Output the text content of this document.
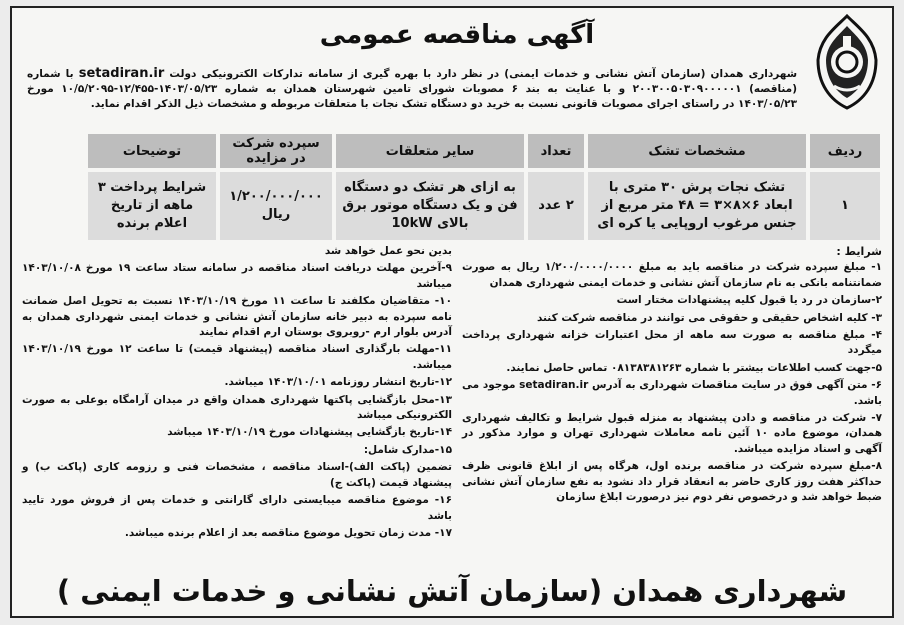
آگهی مناقصه عمومی
شهرداری همدان (سازمان آتش نشانی و خدمات ایمنی) در نظر دارد با بهره گیری از سامانه تدارکات الکترونیکی دولت setadiran.ir با شماره (مناقصه) ۲۰۰۳۰۰۵۰۳۰۹۰۰۰۰۰۱ و با عنایت به بند ۶ مصوبات شورای تامین شهرستان همدان به شماره ۱۴۰۳/۰۵/۲۳-۱۲/۴۵۵-۱۰/۵/۲۰۹۵ مورخ ۱۴۰۳/۰۵/۲۳ در راستای اجرای مصوبات قانونی نسبت به خرید دو دستگاه تشک نجات با متعلقات مربوطه و مشخصات ذیل الذکر اقدام نماید.
ردیف	مشخصات تشک	تعداد	سایر متعلقات	سپرده شرکت در مزایده	توضیحات
۱	تشک نجات پرش ۳۰ متری با ابعاد ۶×۸×۳ = ۴۸ متر مربع از جنس مرغوب اروپایی یا کره ای	۲ عدد	به ازای هر تشک دو دستگاه فن و یک دستگاه موتور برق بالای 10kW	۱/۲۰۰/۰۰۰/۰۰۰ ریال	شرایط پرداخت ۳ ماهه از تاریخ اعلام برنده
شرایط :
۱- مبلغ سپرده شرکت در مناقصه باید به مبلغ ۱/۲۰۰/۰۰۰۰/۰۰۰۰ ریال به صورت ضمانتنامه بانکی به نام سازمان آتش نشانی و خدمات ایمنی شهرداری همدان
۲-سازمان در رد یا قبول کلیه پیشنهادات مختار است
۳- کلیه اشخاص حقیقی و حقوقی می توانند در مناقصه شرکت کنند
۴- مبلغ مناقصه به صورت سه ماهه از محل اعتبارات خزانه شهرداری پرداخت میگردد
۵-جهت کسب اطلاعات بیشتر با شماره ۰۸۱۳۸۳۸۱۲۶۳ تماس حاصل نمایند.
۶- متن آگهی فوق در سایت مناقصات شهرداری به آدرس setadiran.ir موجود می باشد.
۷- شرکت در مناقصه و دادن پیشنهاد به منزله قبول شرایط و تکالیف شهرداری همدان، موضوع ماده ۱۰ آئین نامه معاملات شهرداری تهران و موارد مذکور در آگهی و اسناد مزایده میباشد.
۸-مبلغ سپرده شرکت در مناقصه برنده اول، هرگاه پس از ابلاغ قانونی ظرف حداکثر هفت روز کاری حاضر به انعقاد قرار داد نشود به نفع سازمان آتش نشانی ضبط خواهد شد و درخصوص نفر دوم نیز درصورت ابلاغ سازمان
بدین نحو عمل خواهد شد
۹-آخرین مهلت دریافت اسناد مناقصه در سامانه ستاد ساعت ۱۹ مورخ ۱۴۰۳/۱۰/۰۸ میباشد
۱۰- متقاضیان مکلفند تا ساعت ۱۱ مورخ ۱۴۰۳/۱۰/۱۹ نسبت به تحویل اصل ضمانت نامه سپرده به دبیر خانه سازمان آتش نشانی و خدمات ایمنی شهرداری همدان به آدرس بلوار ارم -روبروی بوستان ارم اقدام نمایند
۱۱-مهلت بارگذاری اسناد مناقصه (پیشنهاد قیمت) تا ساعت ۱۲ مورخ ۱۴۰۳/۱۰/۱۹ میباشد.
۱۲-تاریخ انتشار روزنامه ۱۴۰۳/۱۰/۰۱ میباشد.
۱۳-محل بازگشایی پاکتها شهرداری همدان واقع در میدان آرامگاه بوعلی به صورت الکترونیکی میباشد
۱۴-تاریخ بازگشایی پیشنهادات مورخ ۱۴۰۳/۱۰/۱۹ میباشد
۱۵-مدارک شامل:
تضمین (پاکت الف)-اسناد مناقصه ، مشخصات فنی و رزومه کاری (پاکت ب) و پیشنهاد قیمت (پاکت ج)
۱۶- موضوع مناقصه میبایستی دارای گارانتی و خدمات پس از فروش مورد تایید باشد
۱۷- مدت زمان تحویل موضوع مناقصه بعد از اعلام برنده میباشد.
شهرداری همدان (سازمان آتش نشانی و خدمات ایمنی )
